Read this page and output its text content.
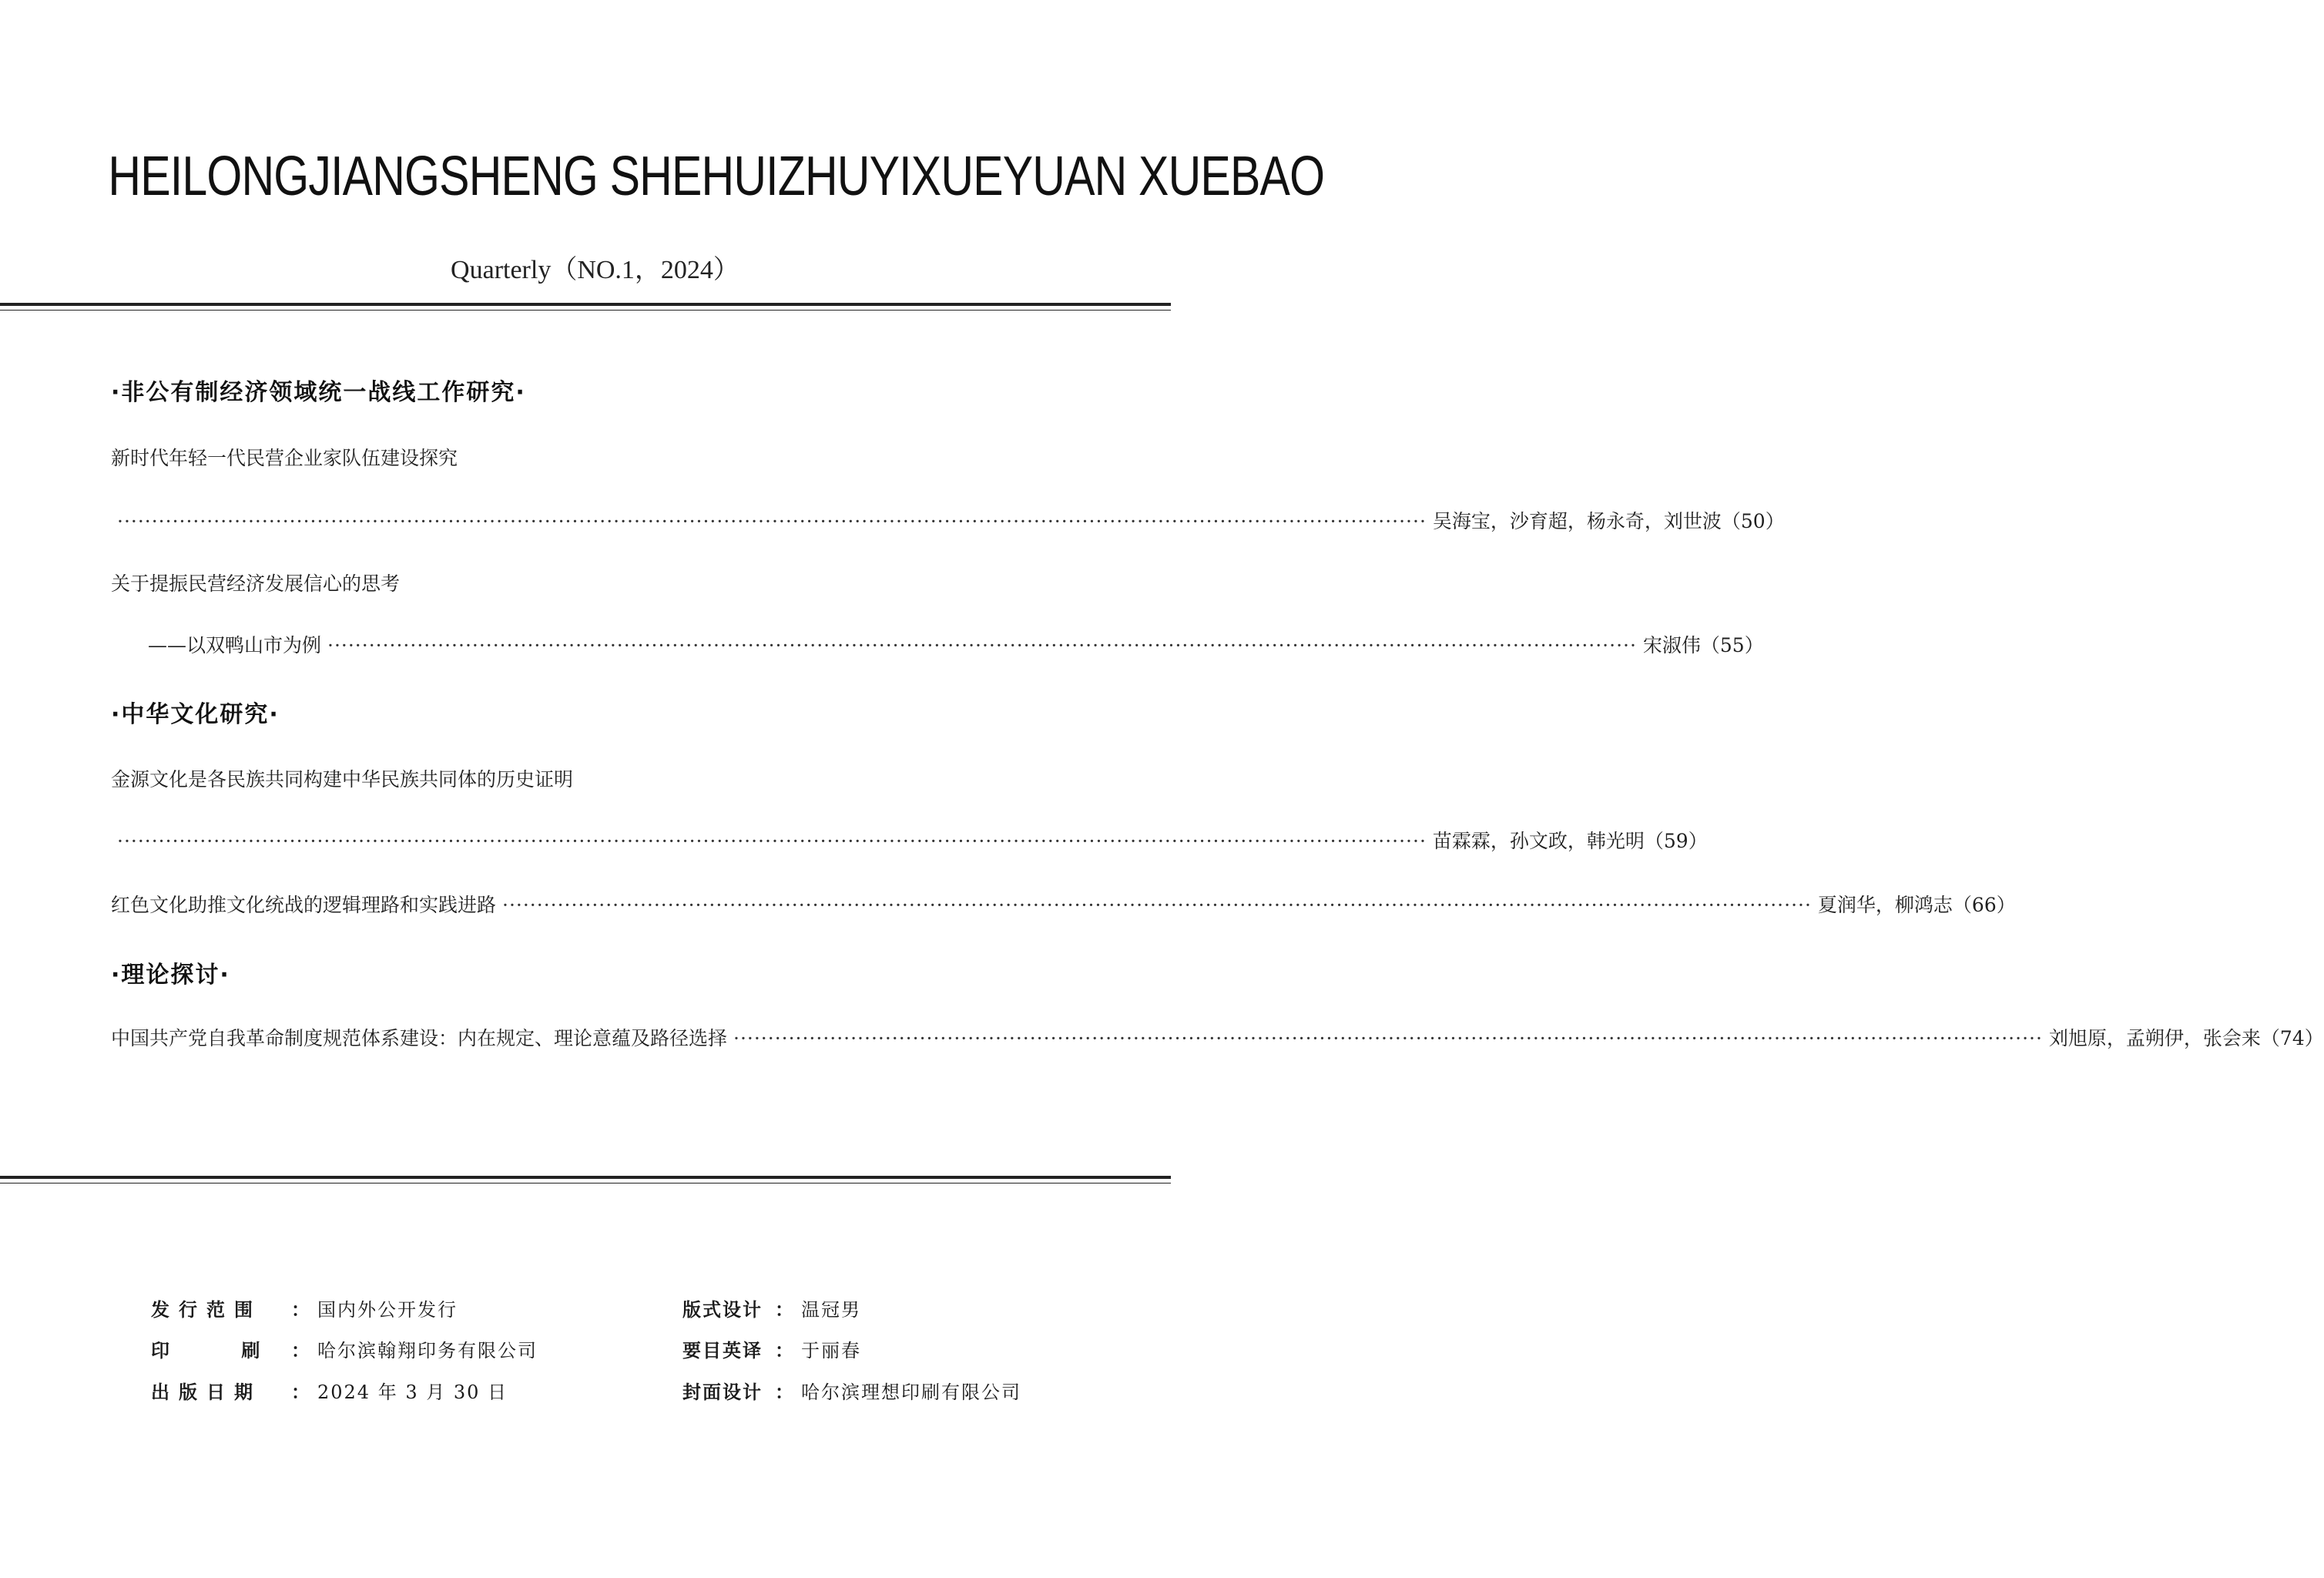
HEILONGJIANGSHENG SHEHUIZHUYIXUEYUAN XUEBAO
Quarterly（NO.1，2024）
·非公有制经济领域统一战线工作研究·
新时代年轻一代民营企业家队伍建设探究
·····
吴海宝，沙育超，杨永奇，刘世波（50）
关于提振民营经济发展信心的思考
——以双鸭山市为例 ·····	宋淑伟（55）
·中华文化研究·
金源文化是各民族共同构建中华民族共同体的历史证明
·····
苗霖霖，孙文政，韩光明（59）
红色文化助推文化统战的逻辑理路和实践进路 ·····	夏润华，柳鸿志（66）
·理论探讨·
中国共产党自我革命制度规范体系建设：内在规定、理论意蕴及路径选择 ·····	刘旭原，孟朔伊，张会来（74）
发行范围 ： 国内外公开发行
印    刷 ： 哈尔滨翰翔印务有限公司
出版日期 ： 2024 年 3 月 30 日
版式设计 ： 温冠男
要目英译 ： 于丽春
封面设计 ： 哈尔滨理想印刷有限公司
